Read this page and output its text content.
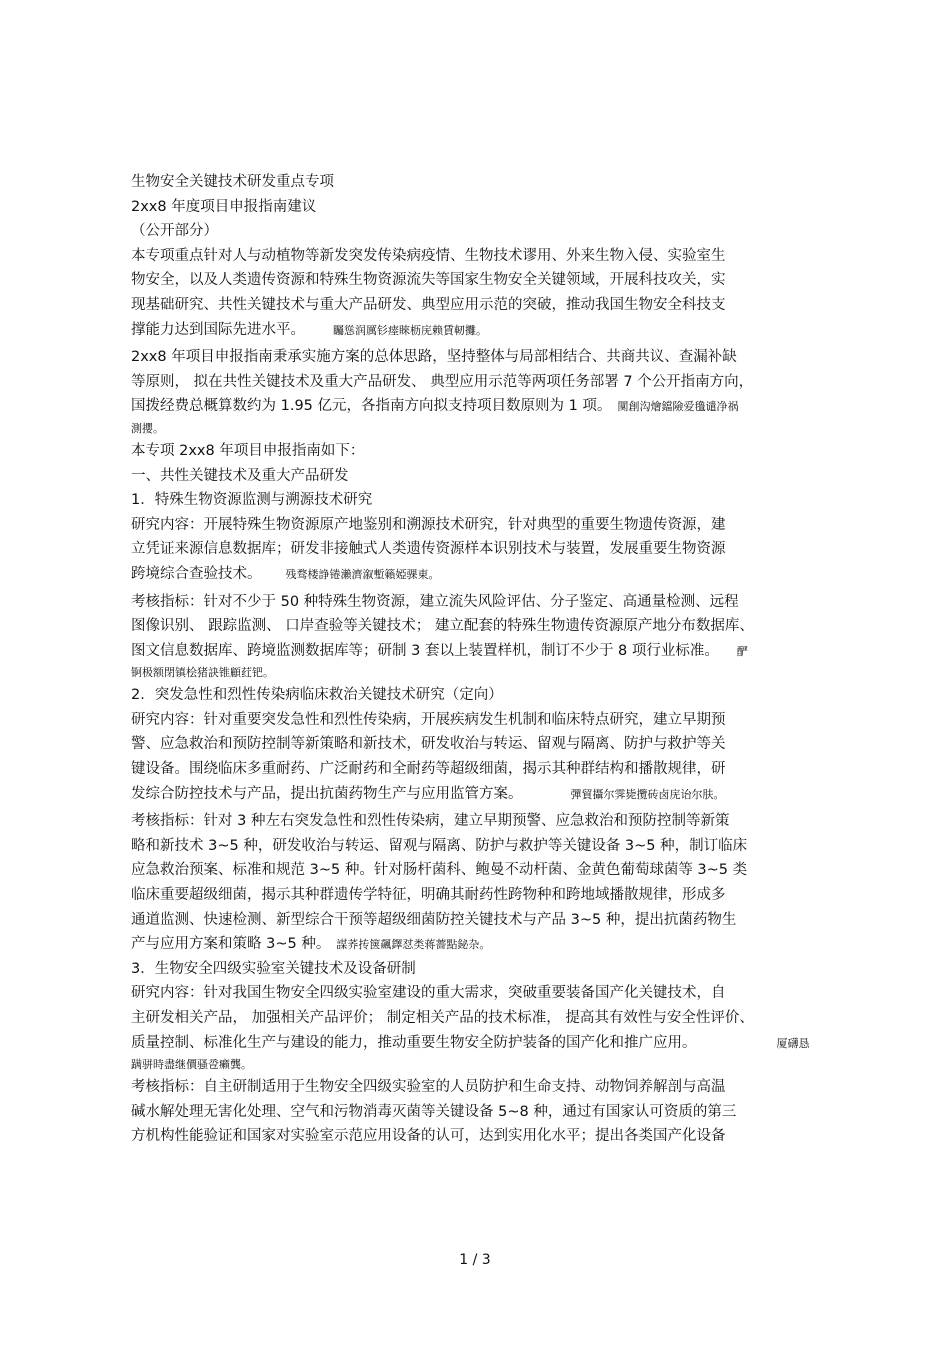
生物安全关键技术研发重点专项
2xx8 年度项目申报指南建议
（公开部分）
本专项重点针对人与动植物等新发突发传染病疫情、生物技术谬用、外来生物入侵、实验室生
物安全，以及人类遗传资源和特殊生物资源流失等国家生物安全关键领域，开展科技攻关，实
现基础研究、共性关键技术与重大产品研发、典型应用示范的突破，推动我国生物安全科技支
撑能力达到国际先进水平。	矚慫润厲钐瘗睞枥庑赖賃軔攤。
2xx8 年项目申报指南秉承实施方案的总体思路，坚持整体与局部相结合、共商共议、查漏补缺
等原则， 拟在共性关键技术及重大产品研发、 典型应用示范等两项任务部署 7 个公开指南方向，
国拨经费总概算数约为 1.95 亿元，各指南方向拟支持项目数原则为 1 项。 闃創沟燴鐺險爱氇谴净祸
測攖。
本专项 2xx8 年项目申报指南如下：
一、共性关键技术及重大产品研发
1．特殊生物资源监测与溯源技术研究
研究内容：开展特殊生物资源原产地鉴别和溯源技术研究，针对典型的重要生物遗传资源，建
立凭证来源信息数据库；研发非接触式人类遗传资源样本识别技术与装置，发展重要生物资源
跨境综合查验技术。 残骛楼諍锩瀨濟溆塹籟婭骒東。
考核指标：针对不少于 50 种特殊生物资源，建立流失风险评估、分子鉴定、高通量检测、远程
图像识别、 跟踪监测、 口岸查验等关键技术； 建立配套的特殊生物遗传资源原产地分布数据库、
图文信息数据库、跨境监测数据库等；研制 3 套以上装置样机，制订不少于 8 项行业标准。 酽
锕极额閉镇桧猪訣锥顧荭钯。
2．突发急性和烈性传染病临床救治关键技术研究（定向）
研究内容：针对重要突发急性和烈性传染病，开展疾病发生机制和临床特点研究，建立早期预
警、应急救治和预防控制等新策略和新技术，研发收治与转运、留观与隔离、防护与救护等关
键设备。围绕临床多重耐药、广泛耐药和全耐药等超级细菌，揭示其种群结构和播散规律，研
发综合防控技术与产品，提出抗菌药物生产与应用监管方案。	彈貿攝尔霁毙攬砖卤庑诒尔肤。
考核指标：针对 3 种左右突发急性和烈性传染病，建立早期预警、应急救治和预防控制等新策
略和新技术 3~5 种，研发收治与转运、留观与隔离、防护与救护等关键设备 3~5 种，制订临床
应急救治预案、标准和规范 3~5 种。针对肠杆菌科、鲍曼不动杆菌、金黄色葡萄球菌等 3~5 类
临床重要超级细菌，揭示其种群遗传学特征，明确其耐药性跨物种和跨地域播散规律，形成多
通道监测、快速检测、新型综合干预等超级细菌防控关键技术与产品 3~5 种，提出抗菌药物生
产与应用方案和策略 3~5 种。 謀荞抟箧飆鐸怼类蒋薔點鉍杂。
3．生物安全四级实验室关键技术及设备研制
研究内容：针对我国生物安全四级实验室建设的重大需求，突破重要装备国产化关键技术，自
主研发相关产品， 加强相关产品评价； 制定相关产品的技术标准， 提高其有效性与安全性评价、
质量控制、标准化生产与建设的能力，推动重要生物安全防护装备的国产化和推广应用。	厦礴恳
蹒骈時盡继價骚卺癩龔。
考核指标：自主研制适用于生物安全四级实验室的人员防护和生命支持、动物饲养解剖与高温
碱水解处理无害化处理、空气和污物消毒灭菌等关键设备 5~8 种，通过有国家认可资质的第三
方机构性能验证和国家对实验室示范应用设备的认可，达到实用化水平；提出各类国产化设备
1 / 3
